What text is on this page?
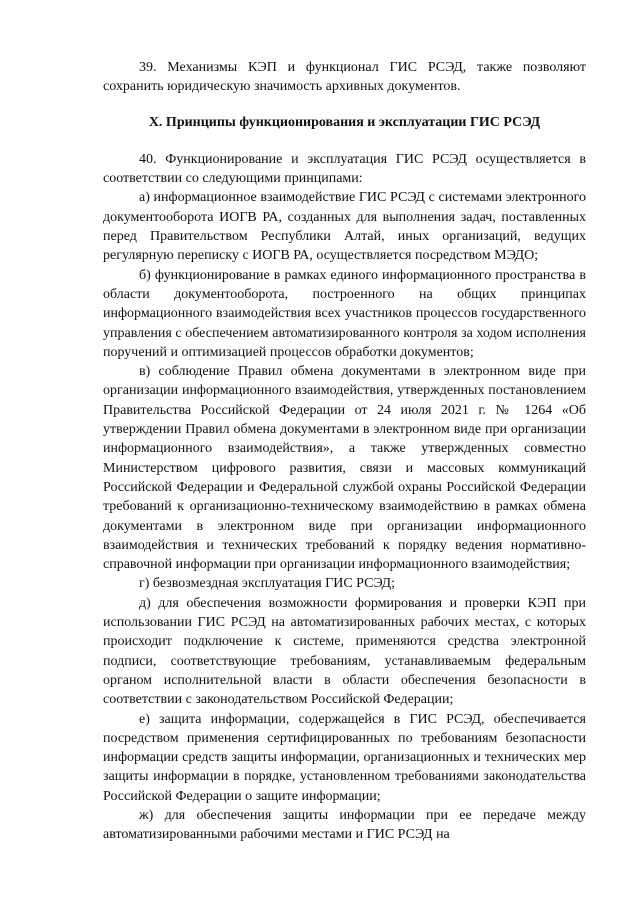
39. Механизмы КЭП и функционал ГИС РСЭД, также позволяют сохранить юридическую значимость архивных документов.

X. Принципы функционирования и эксплуатации ГИС РСЭД

40. Функционирование и эксплуатация ГИС РСЭД осуществляется в соответствии со следующими принципами:

а) информационное взаимодействие ГИС РСЭД с системами электронного документооборота ИОГВ РА, созданных для выполнения задач, поставленных перед Правительством Республики Алтай, иных организаций, ведущих регулярную переписку с ИОГВ РА, осуществляется посредством МЭДО;

б) функционирование в рамках единого информационного пространства в области документооборота, построенного на общих принципах информационного взаимодействия всех участников процессов государственного управления с обеспечением автоматизированного контроля за ходом исполнения поручений и оптимизацией процессов обработки документов;

в) соблюдение Правил обмена документами в электронном виде при организации информационного взаимодействия, утвержденных постановлением Правительства Российской Федерации от 24 июля 2021 г. № 1264 «Об утверждении Правил обмена документами в электронном виде при организации информационного взаимодействия», а также утвержденных совместно Министерством цифрового развития, связи и массовых коммуникаций Российской Федерации и Федеральной службой охраны Российской Федерации требований к организационно-техническому взаимодействию в рамках обмена документами в электронном виде при организации информационного взаимодействия и технических требований к порядку ведения нормативно-справочной информации при организации информационного взаимодействия;

г) безвозмездная эксплуатация ГИС РСЭД;

д) для обеспечения возможности формирования и проверки КЭП при использовании ГИС РСЭД на автоматизированных рабочих местах, с которых происходит подключение к системе, применяются средства электронной подписи, соответствующие требованиям, устанавливаемым федеральным органом исполнительной власти в области обеспечения безопасности в соответствии с законодательством Российской Федерации;

е) защита информации, содержащейся в ГИС РСЭД, обеспечивается посредством применения сертифицированных по требованиям безопасности информации средств защиты информации, организационных и технических мер защиты информации в порядке, установленном требованиями законодательства Российской Федерации о защите информации;

ж) для обеспечения защиты информации при ее передаче между автоматизированными рабочими местами и ГИС РСЭД на
